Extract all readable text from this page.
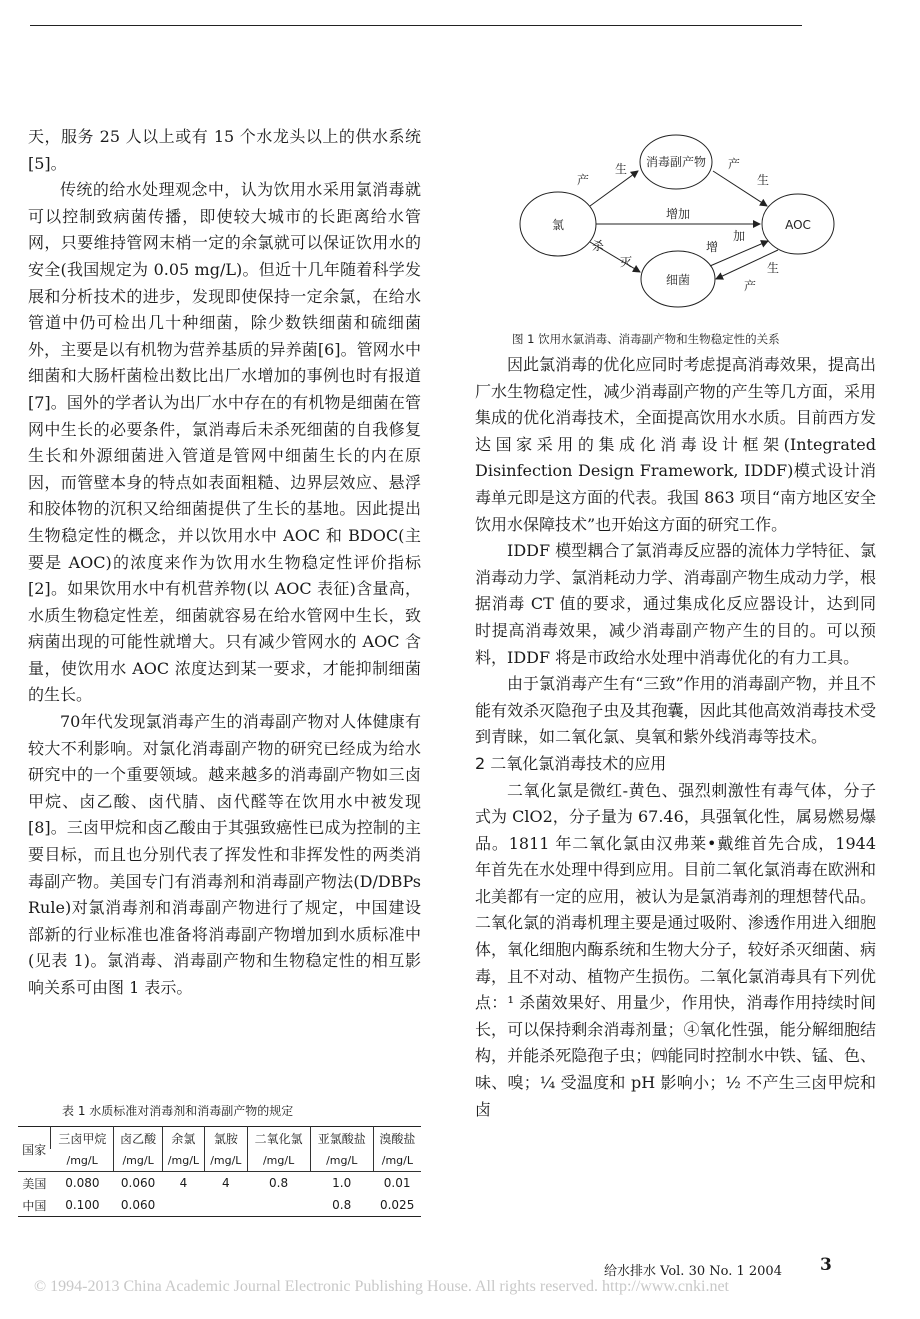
天，服务 25 人以上或有 15 个水龙头以上的供水系统[5]。

传统的给水处理观念中，认为饮用水采用氯消毒就可以控制致病菌传播，即使较大城市的长距离给水管网，只要维持管网末梢一定的余氯就可以保证饮用水的安全(我国规定为 0.05 mg/L)。但近十几年随着科学发展和分析技术的进步，发现即使保持一定余氯，在给水管道中仍可检出几十种细菌，除少数铁细菌和硫细菌外，主要是以有机物为营养基质的异养菌[6]。管网水中细菌和大肠杆菌检出数比出厂水增加的事例也时有报道[7]。国外的学者认为出厂水中存在的有机物是细菌在管网中生长的必要条件，氯消毒后未杀死细菌的自我修复生长和外源细菌进入管道是管网中细菌生长的内在原因，而管壁本身的特点如表面粗糙、边界层效应、悬浮和胶体物的沉积又给细菌提供了生长的基地。因此提出生物稳定性的概念，并以饮用水中 AOC 和 BDOC(主要是 AOC)的浓度来作为饮用水生物稳定性评价指标[2]。如果饮用水中有机营养物(以 AOC 表征)含量高，水质生物稳定性差，细菌就容易在给水管网中生长，致病菌出现的可能性就增大。只有减少管网水的 AOC 含量，使饮用水 AOC 浓度达到某一要求，才能抑制细菌的生长。

70年代发现氯消毒产生的消毒副产物对人体健康有较大不利影响。对氯化消毒副产物的研究已经成为给水研究中的一个重要领域。越来越多的消毒副产物如三卤甲烷、卤乙酸、卤代腈、卤代醛等在饮用水中被发现[8]。三卤甲烷和卤乙酸由于其强致癌性已成为控制的主要目标，而且也分别代表了挥发性和非挥发性的两类消毒副产物。美国专门有消毒剂和消毒副产物法(D/DBPs Rule)对氯消毒剂和消毒副产物进行了规定，中国建设部新的行业标准也准备将消毒副产物增加到水质标准中(见表 1)。氯消毒、消毒副产物和生物稳定性的相互影响关系可由图 1 表示。

表 1 水质标准对消毒剂和消毒副产物的规定
国家	三卤甲烷	卤乙酸	余氯	氯胺	二氧化氯	亚氯酸盐	溴酸盐
	/mg/L	/mg/L	/mg/L	/mg/L	/mg/L	/mg/L	/mg/L
美国	0.080	0.060	4	4	0.8	1.0	0.01
中国	0.100	0.060				0.8	0.025
氯
消毒副产物
AOC
细菌
产
生	产
生
增加
杀
灭
增
加
生
产
图 1 饮用水氯消毒、消毒副产物和生物稳定性的关系

因此氯消毒的优化应同时考虑提高消毒效果，提高出厂水生物稳定性，减少消毒副产物的产生等几方面，采用集成的优化消毒技术，全面提高饮用水水质。目前西方发达国家采用的集成化消毒设计框架(Integrated Disinfection Design Framework, IDDF)模式设计消毒单元即是这方面的代表。我国 863 项目“南方地区安全饮用水保障技术”也开始这方面的研究工作。

IDDF 模型耦合了氯消毒反应器的流体力学特征、氯消毒动力学、氯消耗动力学、消毒副产物生成动力学，根据消毒 CT 值的要求，通过集成化反应器设计，达到同时提高消毒效果，减少消毒副产物产生的目的。可以预料，IDDF 将是市政给水处理中消毒优化的有力工具。

由于氯消毒产生有“三致”作用的消毒副产物，并且不能有效杀灭隐孢子虫及其孢囊，因此其他高效消毒技术受到青睐，如二氧化氯、臭氧和紫外线消毒等技术。

2 二氧化氯消毒技术的应用

二氧化氯是微红-黄色、强烈刺激性有毒气体，分子式为 ClO2，分子量为 67.46，具强氧化性，属易燃易爆品。1811 年二氧化氯由汉弗莱•戴维首先合成，1944 年首先在水处理中得到应用。目前二氧化氯消毒在欧洲和北美都有一定的应用，被认为是氯消毒剂的理想替代品。二氧化氯的消毒机理主要是通过吸附、渗透作用进入细胞体，氧化细胞内酶系统和生物大分子，较好杀灭细菌、病毒，且不对动、植物产生损伤。二氧化氯消毒具有下列优点：¹ 杀菌效果好、用量少，作用快，消毒作用持续时间长，可以保持剩余消毒剂量；④氧化性强，能分解细胞结构，并能杀死隐孢子虫；㈣能同时控制水中铁、锰、色、味、嗅；¼ 受温度和 pH 影响小；½ 不产生三卤甲烷和卤

给水排水 Vol. 30 No. 1 2004 3
© 1994-2013 China Academic Journal Electronic Publishing House. All rights reserved. http://www.cnki.net
